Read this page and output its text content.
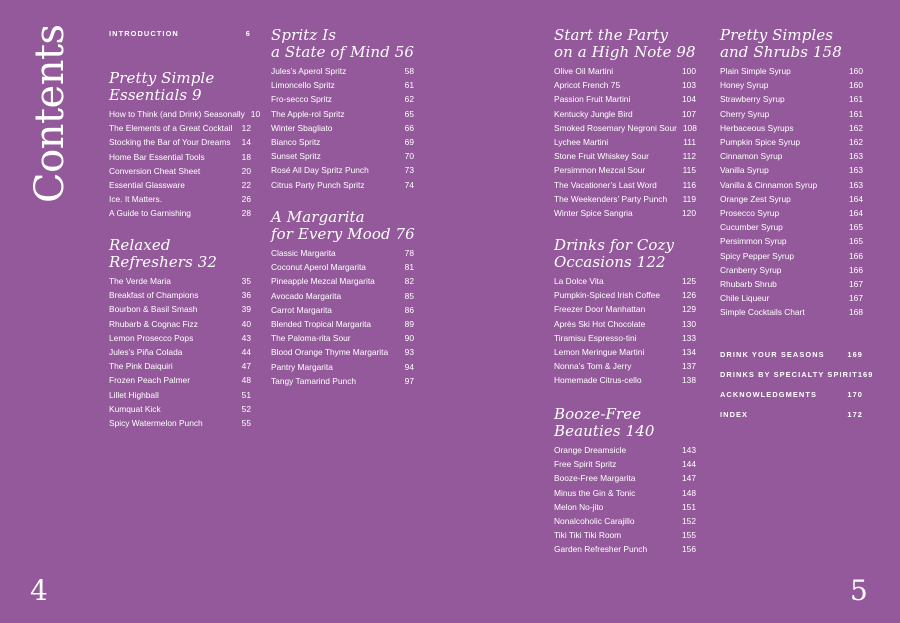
Contents	INTRODUCTION	6
Pretty Simple
Essentials 9
How to Think (and Drink) Seasonally 10
The Elements of a Great Cocktail	12
Stocking the Bar of Your Dreams	14
Home Bar Essential Tools	18
Conversion Cheat Sheet	20
Essential Glassware	22
Ice. It Matters.	26
A Guide to Garnishing	28
Relaxed
Refreshers 32
The Verde Maria	35
Breakfast of Champions	36
Bourbon & Basil Smash	39
Rhubarb & Cognac Fizz	40
Lemon Prosecco Pops	43
Jules’s Piña Colada	44
The Pink Daiquiri	47
Frozen Peach Palmer	48
Lillet Highball	51
Kumquat Kick	52
Spicy Watermelon Punch	55
Spritz Is
a State of Mind 56
Jules’s Aperol Spritz	58
Limoncello Spritz	61
Fro-secco Spritz	62
The Apple-rol Spritz	65
Winter Sbagliato	66
Bianco Spritz	69
Sunset Spritz	70
Rosé All Day Spritz Punch	73
Citrus Party Punch Spritz	74
A Margarita
for Every Mood 76
Classic Margarita	78
Coconut Aperol Margarita	81
Pineapple Mezcal Margarita	82
Avocado Margarita	85
Carrot Margarita	86
Blended Tropical Margarita	89
The Paloma-rita Sour	90
Blood Orange Thyme Margarita	93
Pantry Margarita	94
Tangy Tamarind Punch	97
Start the Party
on a High Note 98
Olive Oil Martini	100
Apricot French 75	103
Passion Fruit Martini	104
Kentucky Jungle Bird	107
Smoked Rosemary Negroni Sour 108
Lychee Martini	111
Stone Fruit Whiskey Sour	112
Persimmon Mezcal Sour	115
The Vacationer’s Last Word	116
The Weekenders’ Party Punch	119
Winter Spice Sangria	120
Drinks for Cozy
Occasions 122
La Dolce Vita	125
Pumpkin-Spiced Irish Coffee	126
Freezer Door Manhattan	129
Après Ski Hot Chocolate	130
Tiramisu Espresso-tini	133
Lemon Meringue Martini	134
Nonna’s Tom & Jerry	137
Homemade Citrus-cello	138
Booze-Free
Beauties 140
Orange Dreamsicle	143
Free Spirit Spritz	144
Booze-Free Margarita	147
Minus the Gin & Tonic	148
Melon No-jito	151
Nonalcoholic Carajillo	152
Tiki Tiki Tiki Room	155
Garden Refresher Punch	156
Pretty Simples
and Shrubs 158
Plain Simple Syrup	160
Honey Syrup	160
Strawberry Syrup	161
Cherry Syrup	161
Herbaceous Syrups	162
Pumpkin Spice Syrup	162
Cinnamon Syrup	163
Vanilla Syrup	163
Vanilla & Cinnamon Syrup	163
Orange Zest Syrup	164
Prosecco Syrup	164
Cucumber Syrup	165
Persimmon Syrup	165
Spicy Pepper Syrup	166
Cranberry Syrup	166
Rhubarb Shrub	167
Chile Liqueur	167
Simple Cocktails Chart	168
DRINK YOUR SEASONS	169
DRINKS BY SPECIALTY SPIRIT 169
ACKNOWLEDGMENTS	170
INDEX	172
4	5
